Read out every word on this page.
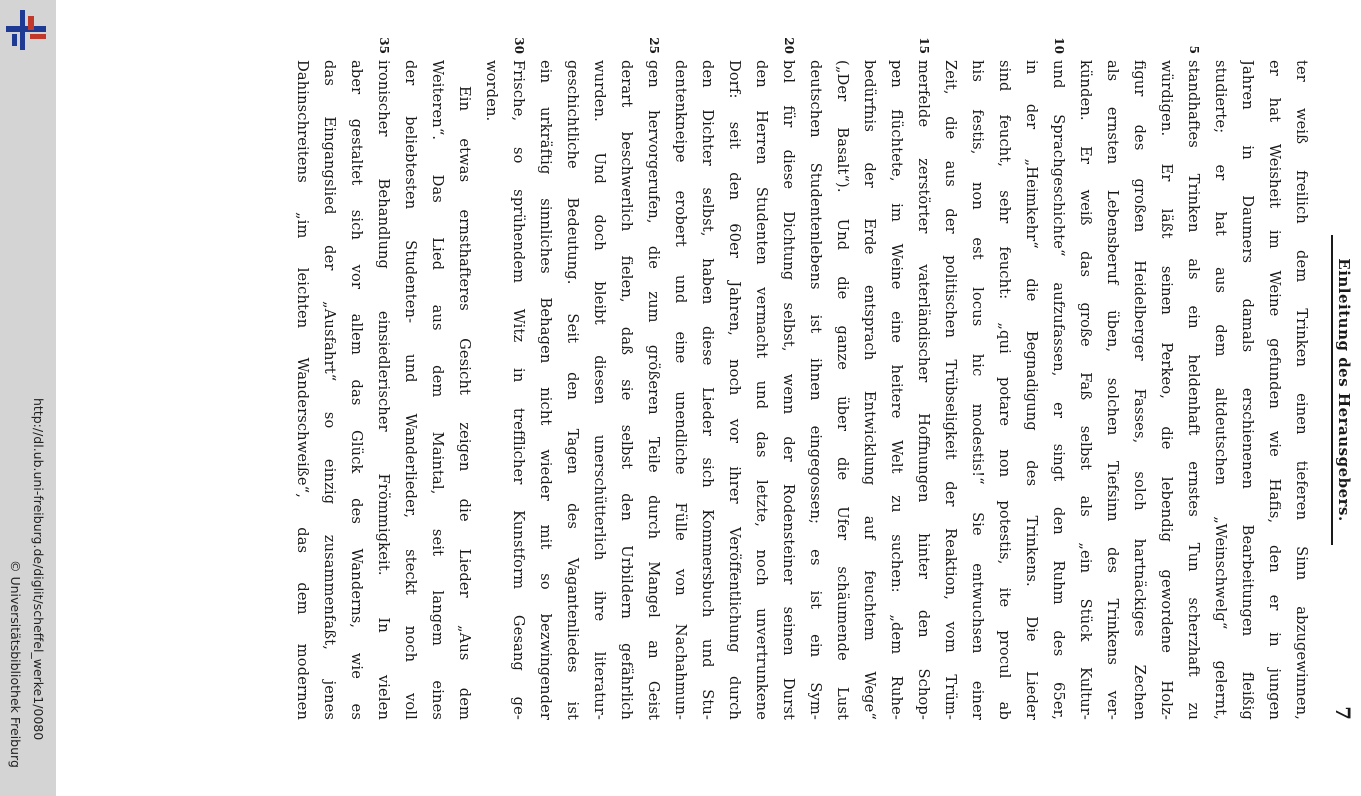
http://dl.ub.uni-freiburg.de/diglit/scheffel_werke1/0080
© Universitätsbibliothek Freiburg
Einleitung des Herausgebers.
7
ter weiß freilich dem Trinken einen tieferen Sinn abzugewinnen,
er hat Weisheit im Weine gefunden wie Hafis, den er in jungen
Jahren in Daumers damals erschienenen Bearbeitungen fleißig
studierte; er hat aus dem altdeutschen „Weinschwelg“ gelernt,
standhaftes Trinken als ein heldenhaft ernstes Tun scherzhaft zu
5
würdigen. Er läßt seinen Perkeo, die lebendig gewordene Holz-
figur des großen Heidelberger Fasses, solch hartnäckiges Zechen
als ernsten Lebensberuf üben, solchen Tiefsinn des Trinkens ver-
künden. Er weiß das große Faß selbst als „ein Stück Kultur-
und Sprachgeschichte“ aufzufassen, er singt den Ruhm des 65er,
10
in der „Heimkehr“ die Begnadigung des Trinkens. Die Lieder
sind feucht, sehr feucht: „qui potare non potestis, ite procul ab
his festis, non est locus hic modestis!“ Sie entwuchsen einer
Zeit, die aus der politischen Trübseligkeit der Reaktion, vom Trüm-
merfelde zerstörter vaterländischer Hoffnungen hinter den Schop-
15
pen flüchtete, im Weine eine heitere Welt zu suchen: „dem Ruhe-
bedürfnis der Erde entsprach Entwicklung auf feuchtem Wege“
(„Der Basalt“). Und die ganze über die Ufer schäumende Lust
deutschen Studentenlebens ist ihnen eingegossen; es ist ein Sym-
bol für diese Dichtung selbst, wenn der Rodensteiner seinen Durst
20
den Herren Studenten vermacht und das letzte, noch unvertrunkene
Dorf: seit den 60er Jahren, noch vor ihrer Veröffentlichung durch
den Dichter selbst, haben diese Lieder sich Kommersbuch und Stu-
dentenkneipe erobert und eine unendliche Fülle von Nachahmun-
gen hervorgerufen, die zum größeren Teile durch Mangel an Geist
25
derart beschwerlich fielen, daß sie selbst den Urbildern gefährlich
wurden. Und doch bleibt diesen unerschütterlich ihre literatur-
geschichtliche Bedeutung. Seit den Tagen des Vagantenliedes ist
ein urkräftig sinnliches Behagen nicht wieder mit so bezwingender
Frische, so sprühendem Witz in trefflicher Kunstform Gesang ge-
30
worden.
Ein etwas ernsthafteres Gesicht zeigen die Lieder „Aus dem
Weiteren“. Das Lied aus dem Maintal, seit langem eines
der beliebtesten Studenten- und Wanderlieder, steckt noch voll
ironischer Behandlung einsiedlerischer Frömmigkeit. In vielen
35
aber gestaltet sich vor allem das Glück des Wanderns, wie es
das Eingangslied der „Ausfahrt“ so einzig zusammenfaßt, jenes
Dahinschreitens „im leichten Wanderschweiße“, das dem modernen
